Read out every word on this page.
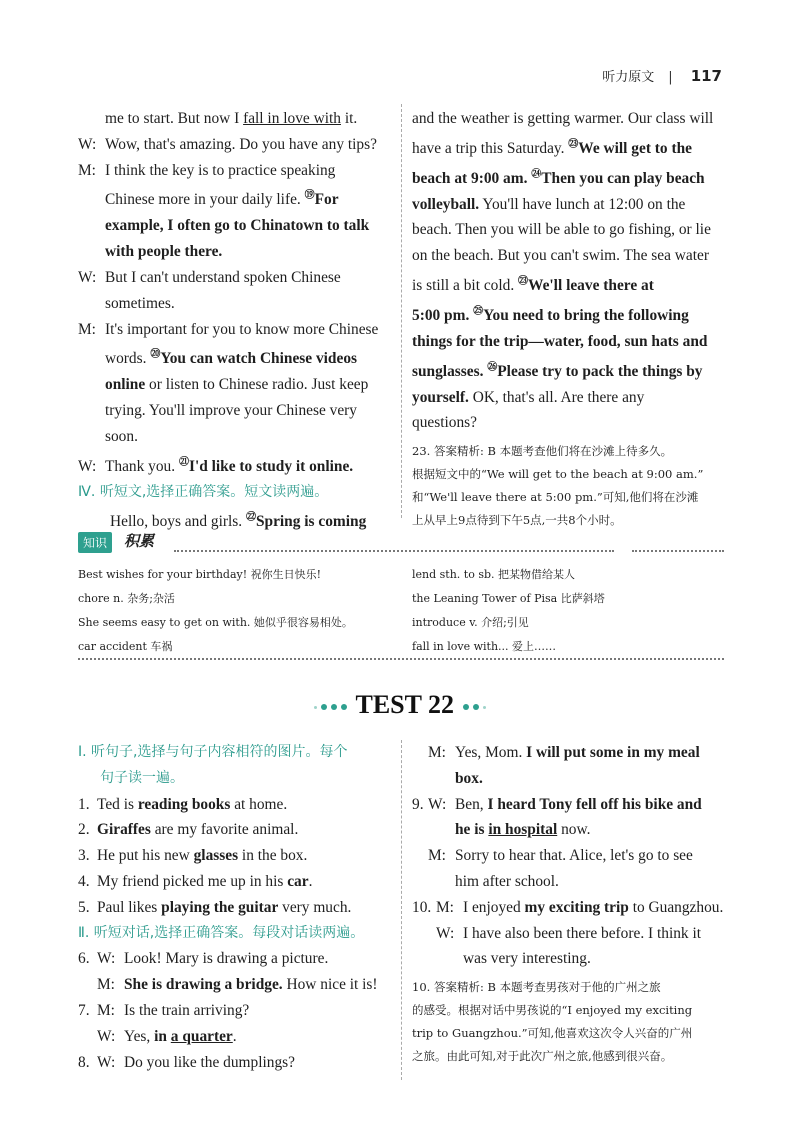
听力原文 | 117
me to start. But now I fall in love with it.
W: Wow, that's amazing. Do you have any tips?
M: I think the key is to practice speaking
Chinese more in your daily life. ⑲For
example, I often go to Chinatown to talk
with people there.
W: But I can't understand spoken Chinese
sometimes.
M: It's important for you to know more Chinese
words. ⑳You can watch Chinese videos
online or listen to Chinese radio. Just keep
trying. You'll improve your Chinese very
soon.
W: Thank you. $^㉑$I'd like to study it online.
Ⅳ. 听短文,选择正确答案。短文读两遍。
Hello, boys and girls. $^㉒$Spring is coming
and the weather is getting warmer. Our class will
have a trip this Saturday. $^㉓$We will get to the
beach at 9:00 am. $^㉔$Then you can play beach
volleyball. You'll have lunch at 12:00 on the
beach. Then you will be able to go fishing, or lie
on the beach. But you can't swim. The sea water
is still a bit cold. $^㉓$We'll leave there at
5:00 pm. $^㉕$You need to bring the following
things for the trip—water, food, sun hats and
sunglasses. $^㉖$Please try to pack the things by
yourself. OK, that's all. Are there any
questions?
23. 答案精析: B 本题考查他们将在沙滩上待多久。
根据短文中的“We will get to the beach at 9:00 am.”
和“We'll leave there at 5:00 pm.”可知,他们将在沙滩
上从早上9点待到下午5点,一共8个小时。
知识	积累
Best wishes for your birthday! 祝你生日快乐!
chore n. 杂务;杂活
She seems easy to get on with. 她似乎很容易相处。
car accident 车祸
lend sth. to sb. 把某物借给某人
the Leaning Tower of Pisa 比萨斜塔
introduce v. 介绍;引见
fall in love with... 爱上……
TEST 22
Ⅰ. 听句子,选择与句子内容相符的图片。每个
句子读一遍。
1. Ted is reading books at home.
2. Giraffes are my favorite animal.
3. He put his new glasses in the box.
4. My friend picked me up in his car.
5. Paul likes playing the guitar very much.
Ⅱ. 听短对话,选择正确答案。每段对话读两遍。
6. W: Look! Mary is drawing a picture.
M: She is drawing a bridge. How nice it is!
7. M: Is the train arriving?
W: Yes, in a quarter.
8. W: Do you like the dumplings?
M: Yes, Mom. I will put some in my meal
box.
9. W: Ben, I heard Tony fell off his bike and
he is in hospital now.
M: Sorry to hear that. Alice, let's go to see
him after school.
10. M: I enjoyed my exciting trip to Guangzhou.
W: I have also been there before. I think it
was very interesting.
10. 答案精析: B 本题考查男孩对于他的广州之旅
的感受。根据对话中男孩说的“I enjoyed my exciting
trip to Guangzhou.”可知,他喜欢这次令人兴奋的广州
之旅。由此可知,对于此次广州之旅,他感到很兴奋。
